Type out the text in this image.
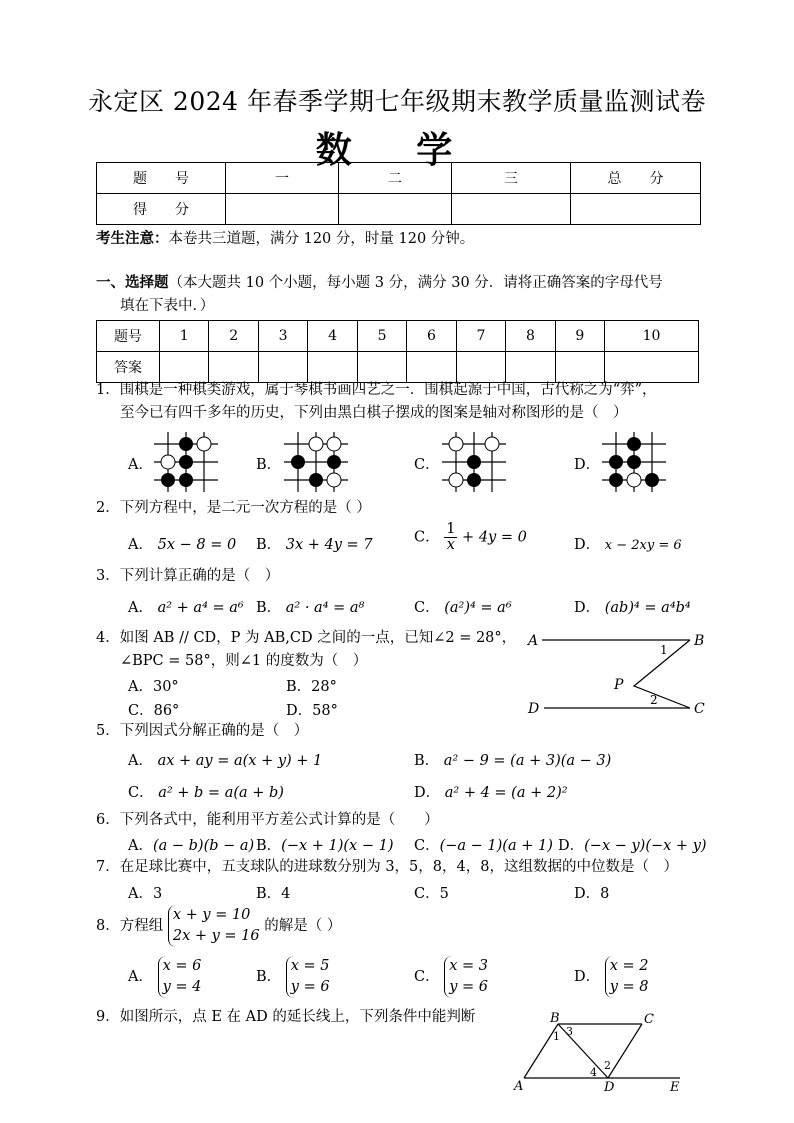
永定区 2024 年春季学期七年级期末教学质量监测试卷
数 学
题　　号	一	二	三	总　　分
得　　分				
考生注意：本卷共三道题，满分 120 分，时量 120 分钟。
一、选择题（本大题共 10 个小题，每小题 3 分，满分 30 分．请将正确答案的字母代号
填在下表中．）
题号	1	2	3	4	5	6	7	8	9	10
答案										
1．围棋是一种棋类游戏，属于琴棋书画四艺之一．围棋起源于中国，古代称之为“弈”，
至今已有四千多年的历史，下列由黑白棋子摆成的图案是轴对称图形的是（　）
A．	B．	C．	D．
2．下列方程中，是二元一次方程的是（ ）
A． 5x − 8 = 0 B． 3x + 4y = 7	C． $\frac{1}{x} + 4y = 0$	D． x − 2xy = 6
3．下列计算正确的是（　）
A． a² + a⁴ = a⁶ B． a² · a⁴ = a⁸	C． (a²)⁴ = a⁶	D． (ab)⁴ = a⁴b⁴
4．如图 AB // CD，P 为 AB,CD 之间的一点，已知∠2 = 28°，
∠BPC = 58°，则∠1 的度数为（　）
A．30°	B．28°
C．86°	D．58°
A	B
D	C
P
1
2
5．下列因式分解正确的是（　）
A． ax + ay = a(x + y) + 1	B． a² − 9 = (a + 3)(a − 3)
C． a² + b = a(a + b)	D． a² + 4 = (a + 2)²
6．下列各式中，能利用平方差公式计算的是（　　）
A．(a − b)(b − a) B．(−x + 1)(x − 1) C．(−a − 1)(a + 1) D．(−x − y)(−x + y)
7．在足球比赛中，五支球队的进球数分别为 3，5，8，4，8，这组数据的中位数是（　）
A．3	B．4	C．5	D．8
8．方程组
x + y = 10
2x + y = 16
的解是（ ）
A．
x = 6
y = 4
B．
x = 5
y = 6
C．
x = 3
y = 6
D．
x = 2
y = 8
9．如图所示，点 E 在 AD 的延长线上，下列条件中能判断	B	C
A	D	E
1 3
2
4
